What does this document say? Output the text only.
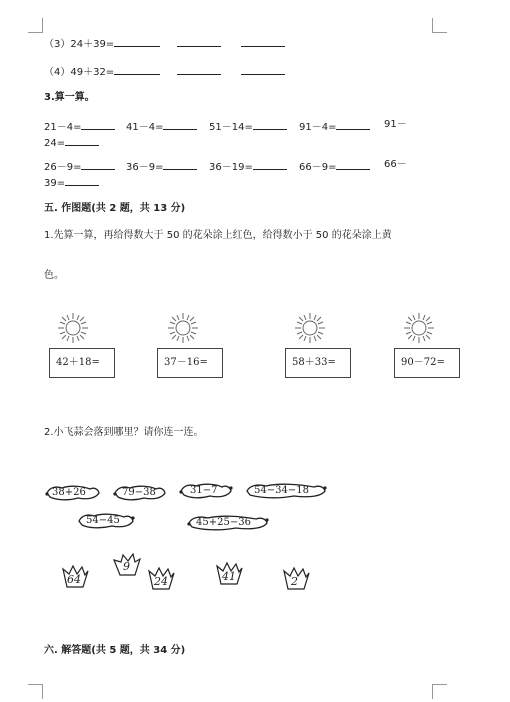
（3）24＋39=
（4）49＋32=
3.算一算。
21－4=	41－4=	51－14=	91－4=	91－
24=
26－9=	36－9=	36－19=	66－9=	66－
39=
五. 作图题(共 2 题，共 13 分)
1.先算一算，再给得数大于 50 的花朵涂上红色，给得数小于 50 的花朵涂上黄
色。
42＋18=	37－16=	58＋33=	90－72=
2.小飞蒜会落到哪里？请你连一连。
38+26	79−38	31−7	54−34−18
54−45	45+25−36
64
9
24	41	2
六. 解答题(共 5 题，共 34 分)
